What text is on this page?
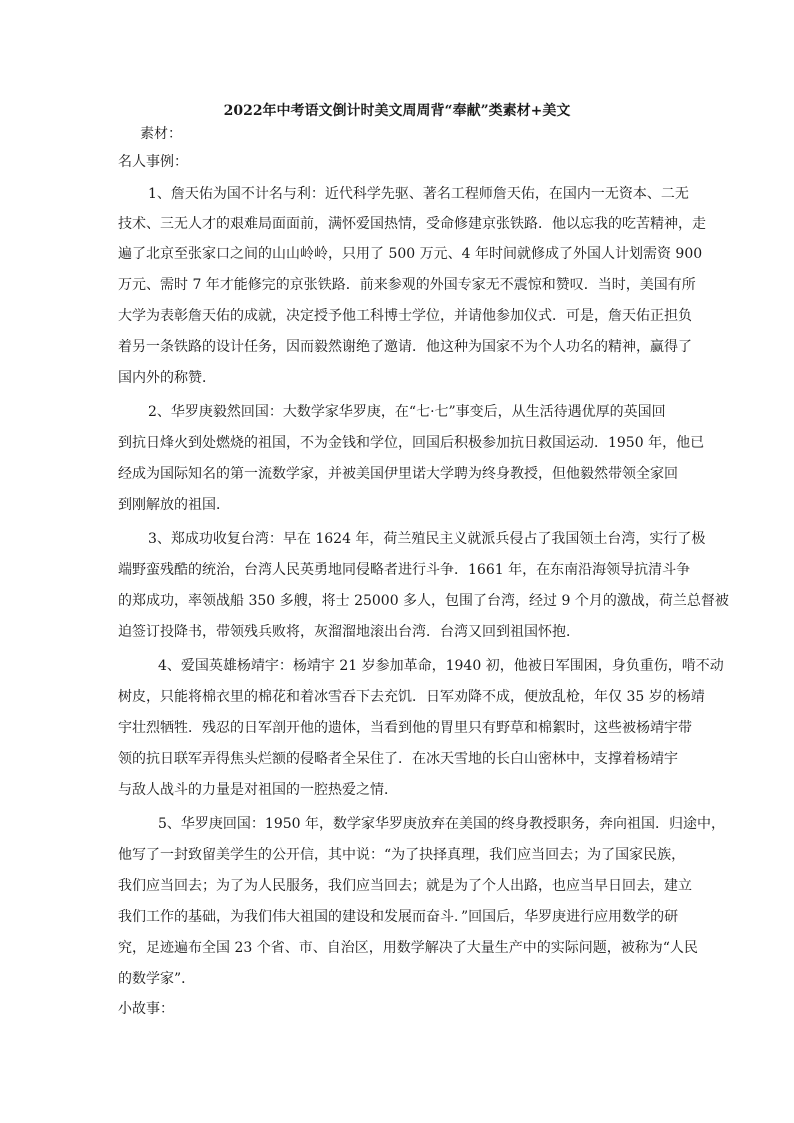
2022年中考语文倒计时美文周周背“奉献”类素材+美文
素材：
名人事例：
1、詹天佑为国不计名与利：近代科学先驱、著名工程师詹天佑，在国内一无资本、二无
技术、三无人才的艰难局面面前，满怀爱国热情，受命修建京张铁路．他以忘我的吃苦精神，走
遍了北京至张家口之间的山山岭岭，只用了 500 万元、4 年时间就修成了外国人计划需资 900
万元、需时 7 年才能修完的京张铁路．前来参观的外国专家无不震惊和赞叹．当时，美国有所
大学为表彰詹天佑的成就，决定授予他工科博士学位，并请他参加仪式．可是，詹天佑正担负
着另一条铁路的设计任务，因而毅然谢绝了邀请．他这种为国家不为个人功名的精神，赢得了
国内外的称赞．
2、华罗庚毅然回国：大数学家华罗庚，在“七·七”事变后，从生活待遇优厚的英国回
到抗日烽火到处燃烧的祖国，不为金钱和学位，回国后积极参加抗日救国运动．1950 年，他已
经成为国际知名的第一流数学家，并被美国伊里诺大学聘为终身教授，但他毅然带领全家回
到刚解放的祖国．
3、郑成功收复台湾：早在 1624 年，荷兰殖民主义就派兵侵占了我国领土台湾，实行了极
端野蛮残酷的统治，台湾人民英勇地同侵略者进行斗争．1661 年，在东南沿海领导抗清斗争
的郑成功，率领战船 350 多艘，将士 25000 多人，包围了台湾，经过 9 个月的激战，荷兰总督被
迫签订投降书，带领残兵败将，灰溜溜地滚出台湾．台湾又回到祖国怀抱．
4、爱国英雄杨靖宇：杨靖宇 21 岁参加革命，1940 初，他被日军围困，身负重伤，啃不动
树皮，只能将棉衣里的棉花和着冰雪吞下去充饥．日军劝降不成，便放乱枪，年仅 35 岁的杨靖
宇壮烈牺牲．残忍的日军剖开他的遗体，当看到他的胃里只有野草和棉絮时，这些被杨靖宇带
领的抗日联军弄得焦头烂额的侵略者全呆住了．在冰天雪地的长白山密林中，支撑着杨靖宇
与敌人战斗的力量是对祖国的一腔热爱之情．
5、华罗庚回国：1950 年，数学家华罗庚放弃在美国的终身教授职务，奔向祖国．归途中，
他写了一封致留美学生的公开信，其中说：“为了抉择真理，我们应当回去；为了国家民族，
我们应当回去；为了为人民服务，我们应当回去；就是为了个人出路，也应当早日回去，建立
我们工作的基础，为我们伟大祖国的建设和发展而奋斗．”回国后，华罗庚进行应用数学的研
究，足迹遍布全国 23 个省、市、自治区，用数学解决了大量生产中的实际问题，被称为“人民
的数学家”．
小故事：
